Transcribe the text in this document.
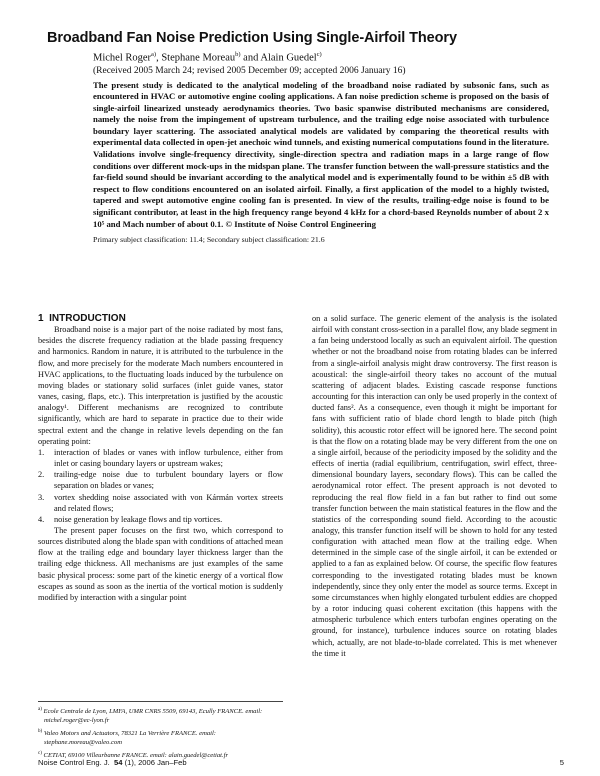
Broadband Fan Noise Prediction Using Single-Airfoil Theory
Michel Roger$^{a)}$, Stephane Moreau$^{b)}$ and Alain Guedel$^{c)}$
(Received 2005 March 24; revised 2005 December 09; accepted 2006 January 16)
The present study is dedicated to the analytical modeling of the broadband noise radiated by subsonic fans, such as encountered in HVAC or automotive engine cooling applications. A fan noise prediction scheme is proposed on the basis of single-airfoil linearized unsteady aerodynamics theories. Two basic spanwise distributed mechanisms are considered, namely the noise from the impingement of upstream turbulence, and the trailing edge noise associated with turbulence boundary layer scattering. The associated analytical models are validated by comparing the theoretical results with experimental data collected in open-jet anechoic wind tunnels, and existing numerical computations found in the literature. Validations involve single-frequency directivity, single-direction spectra and radiation maps in a large range of flow conditions over different mock-ups in the midspan plane. The transfer function between the wall-pressure statistics and the far-field sound should be invariant according to the analytical model and is experimentally found to be within ±5 dB with respect to flow conditions encountered on an isolated airfoil. Finally, a first application of the model to a highly twisted, tapered and swept automotive engine cooling fan is presented. In view of the results, trailing-edge noise is found to be significant contributor, at least in the high frequency range beyond 4 kHz for a chord-based Reynolds number of about 2 x 10⁵ and Mach number of about 0.1. © Institute of Noise Control Engineering
Primary subject classification: 11.4; Secondary subject classification: 21.6

1 INTRODUCTION

Broadband noise is a major part of the noise radiated by most fans, besides the discrete frequency radiation at the blade passing frequency and harmonics. Random in nature, it is attributed to the turbulence in the flow, and more precisely for the moderate Mach numbers encountered in HVAC applications, to the fluctuating loads induced by the turbulence on moving blades or stationary solid surfaces (inlet guide vanes, stator vanes, casing, flaps, etc.). This interpretation is justified by the acoustic analogy¹. Different mechanisms are recognized to contribute significantly, which are hard to separate in practice due to their wide spectral extent and the change in relative levels depending on the fan operating point:

1. interaction of blades or vanes with inflow turbulence, either from inlet or casing boundary layers or upstream wakes;
2. trailing-edge noise due to turbulent boundary layers or flow separation on blades or vanes;
3. vortex shedding noise associated with von Kármán vortex streets and related flows;
4. noise generation by leakage flows and tip vortices.

The present paper focuses on the first two, which correspond to sources distributed along the blade span with conditions of attached mean flow at the trailing edge and boundary layer thickness larger than the trailing edge thickness. All mechanisms are just examples of the same basic physical process: some part of the kinetic energy of a vortical flow escapes as sound as soon as the inertia of the vortical motion is suddenly modified by interaction with a singular point

on a solid surface. The generic element of the analysis is the isolated airfoil with constant cross-section in a parallel flow, any blade segment in a fan being understood locally as such an equivalent airfoil. The question whether or not the broadband noise from rotating blades can be inferred from a single-airfoil analysis might draw controversy. The first reason is acoustical: the single-airfoil theory takes no account of the mutual scattering of adjacent blades. Existing cascade response functions accounting for this interaction can only be used properly in the context of ducted fans². As a consequence, even though it might be important for fans with sufficient ratio of blade chord length to blade pitch (high solidity), this acoustic rotor effect will be ignored here. The second point is that the flow on a rotating blade may be very different from the one on a single airfoil, because of the periodicity imposed by the solidity and the effects of inertia (radial equilibrium, centrifugation, swirl effect, three-dimensional boundary layers, secondary flows). This can be called the aerodynamical rotor effect. The present approach is not devoted to reproducing the real flow field in a fan but rather to find out some transfer function between the main statistical features in the flow and the statistics of the corresponding sound field. According to the acoustic analogy, this transfer function itself will be shown to hold for any tested configuration with attached mean flow at the trailing edge. When determined in the simple case of the single airfoil, it can be extended or applied to a fan as explained below. Of course, the specific flow features corresponding to the investigated rotating blades must be known independently, since they only enter the model as source terms. Except in some circumstances when highly elongated turbulent eddies are chopped by a rotor inducing quasi coherent excitation (this happens with the atmospheric turbulence which enters turbofan engines operating on the ground, for instance), turbulence induces source on rotating blades which, actually, are not blade-to-blade correlated. This is met whenever the time it

$^{a)}$ Ecole Centrale de Lyon, LMFA, UMR CNRS 5509, 69143, Ecully FRANCE. email: michel.roger@ec-lyon.fr
$^{b)}$ Valeo Motors and Actuators, 78321 La Verrière FRANCE. email: stephane.moreau@valeo.com
$^{c)}$ CETIAT, 69100 Villeurbanne FRANCE. email: alain.guedel@cetiat.fr
Noise Control Eng. J. 54 (1), 2006 Jan–Feb	5
